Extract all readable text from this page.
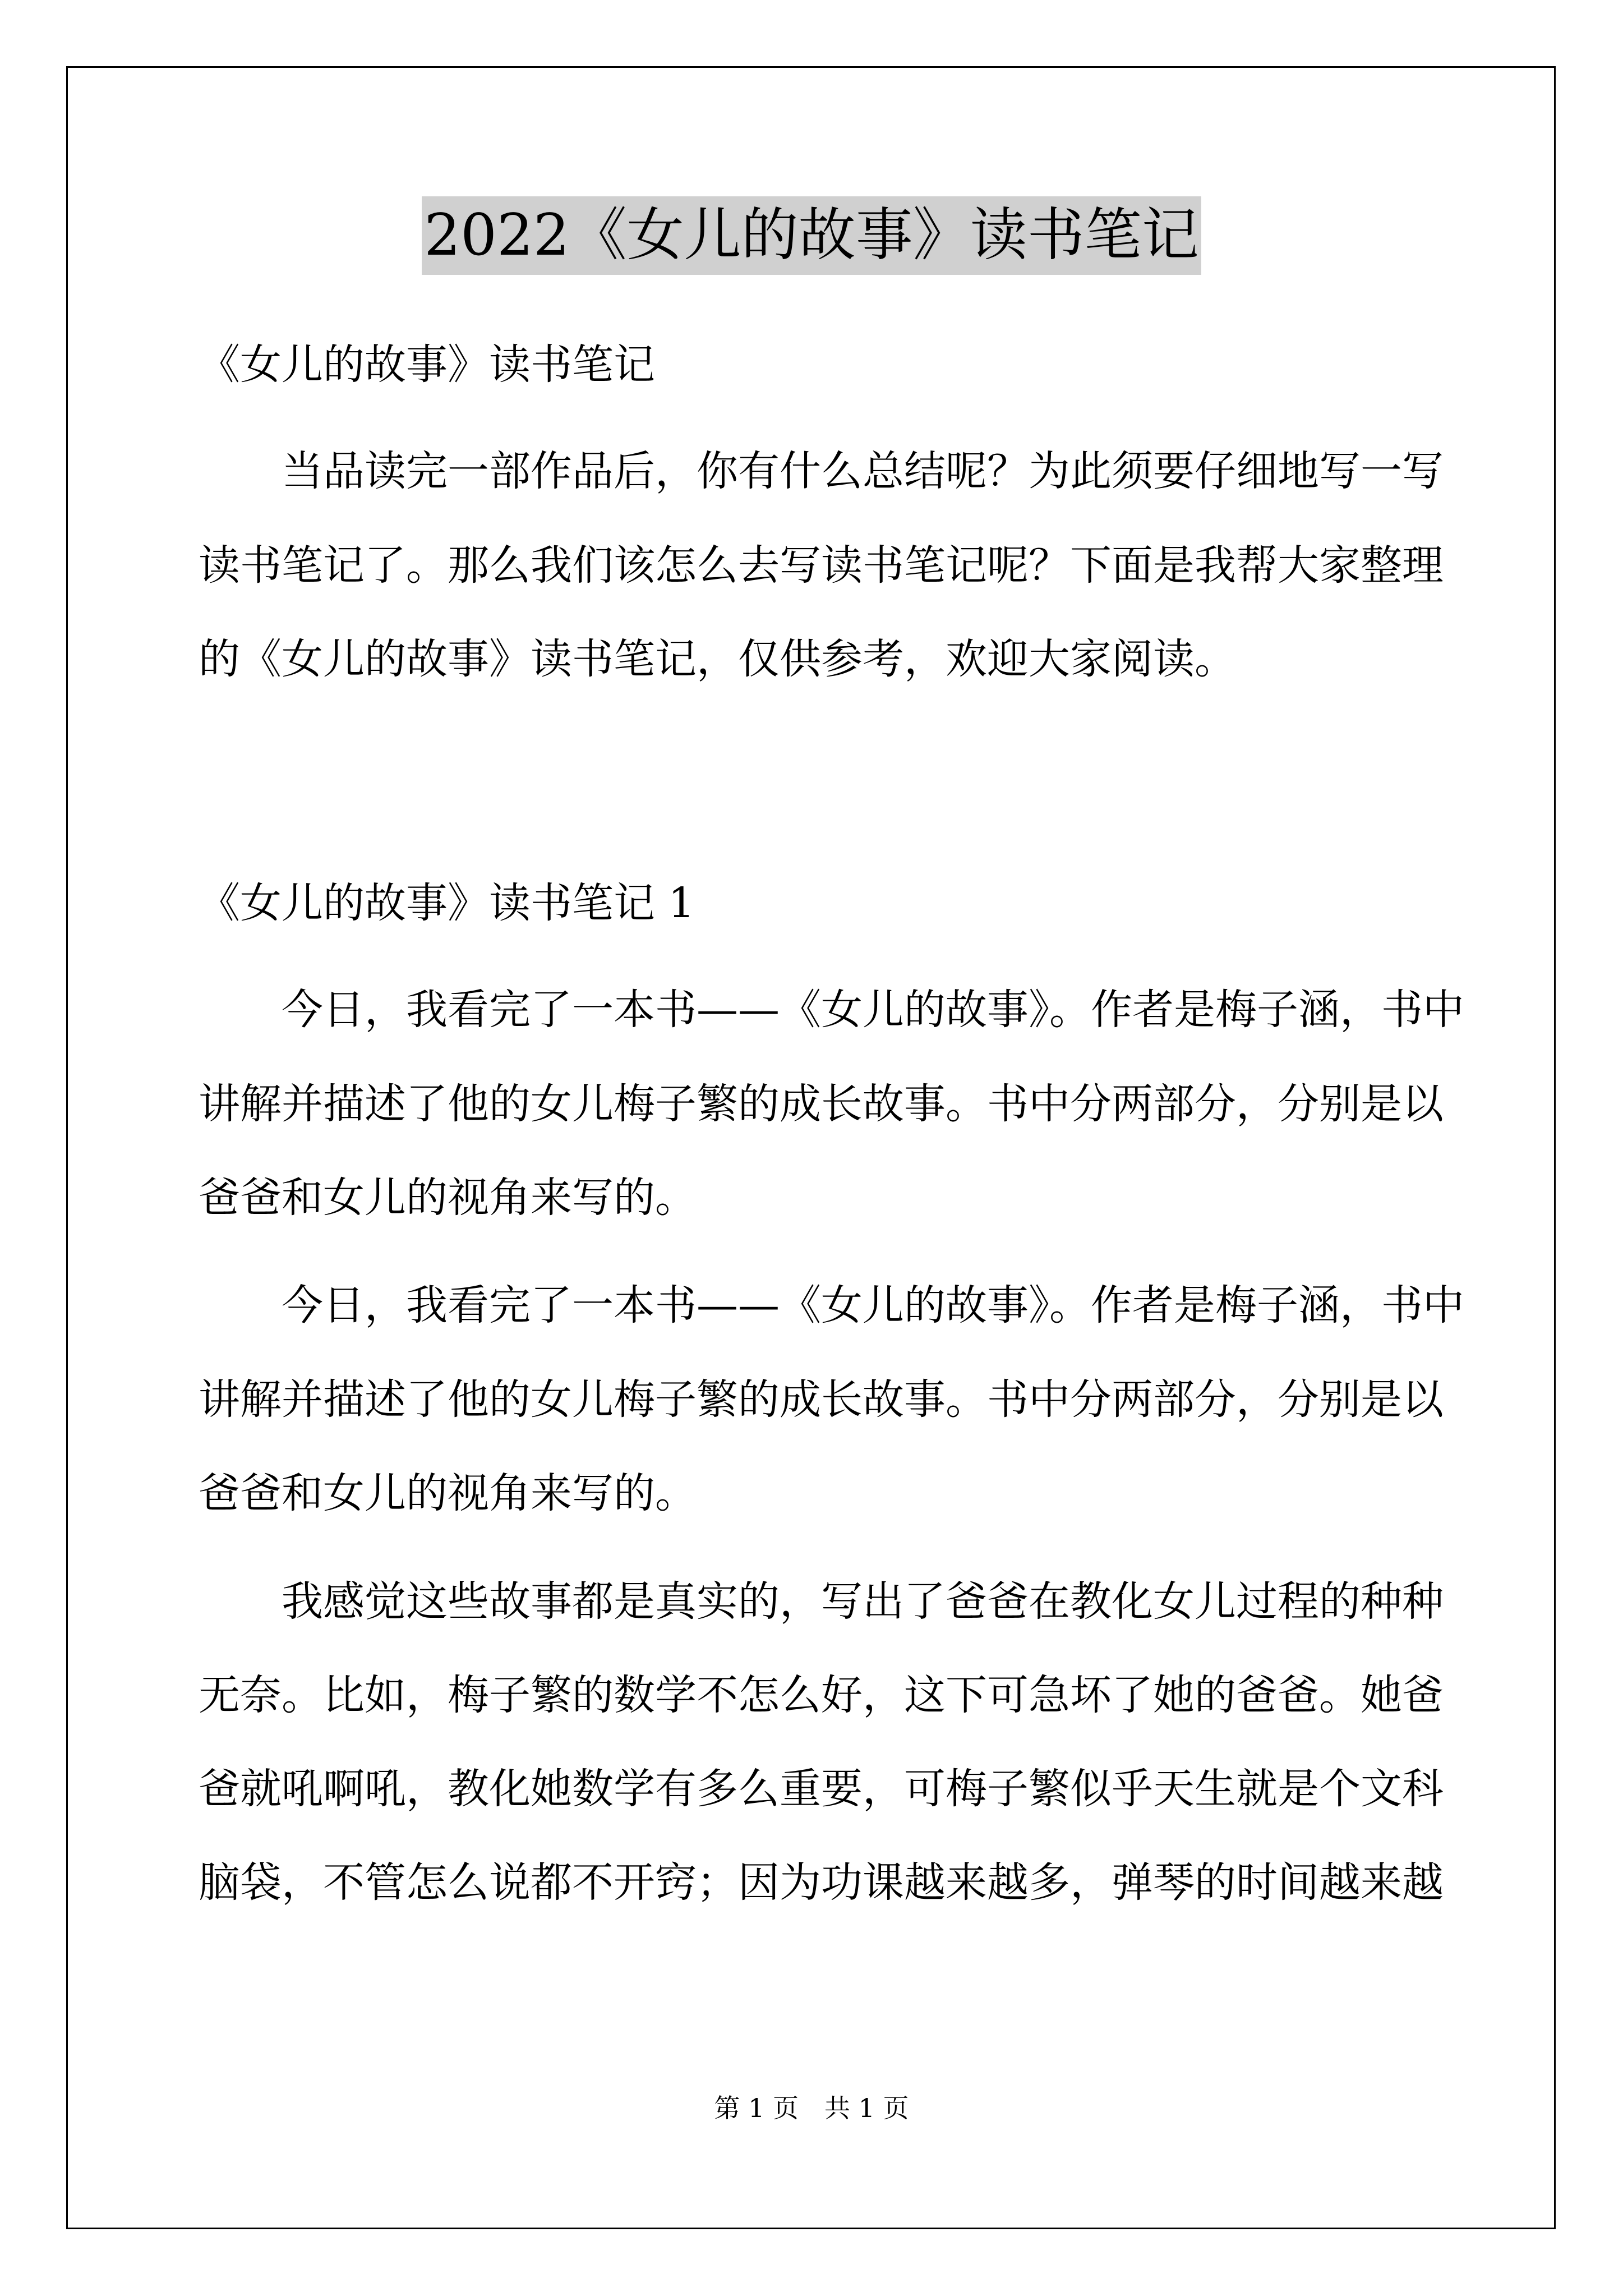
2022《女儿的故事》读书笔记
《女儿的故事》读书笔记
当品读完一部作品后，你有什么总结呢？为此须要仔细地写一写
读书笔记了。那么我们该怎么去写读书笔记呢？下面是我帮大家整理
的《女儿的故事》读书笔记，仅供参考，欢迎大家阅读。
《女儿的故事》读书笔记 1
今日，我看完了一本书——《女儿的故事》。作者是梅子涵，书中
讲解并描述了他的女儿梅子繁的成长故事。书中分两部分，分别是以
爸爸和女儿的视角来写的。
今日，我看完了一本书——《女儿的故事》。作者是梅子涵，书中
讲解并描述了他的女儿梅子繁的成长故事。书中分两部分，分别是以
爸爸和女儿的视角来写的。
我感觉这些故事都是真实的，写出了爸爸在教化女儿过程的种种
无奈。比如，梅子繁的数学不怎么好，这下可急坏了她的爸爸。她爸
爸就吼啊吼，教化她数学有多么重要，可梅子繁似乎天生就是个文科
脑袋，不管怎么说都不开窍；因为功课越来越多，弹琴的时间越来越
第 1 页　共 1 页
